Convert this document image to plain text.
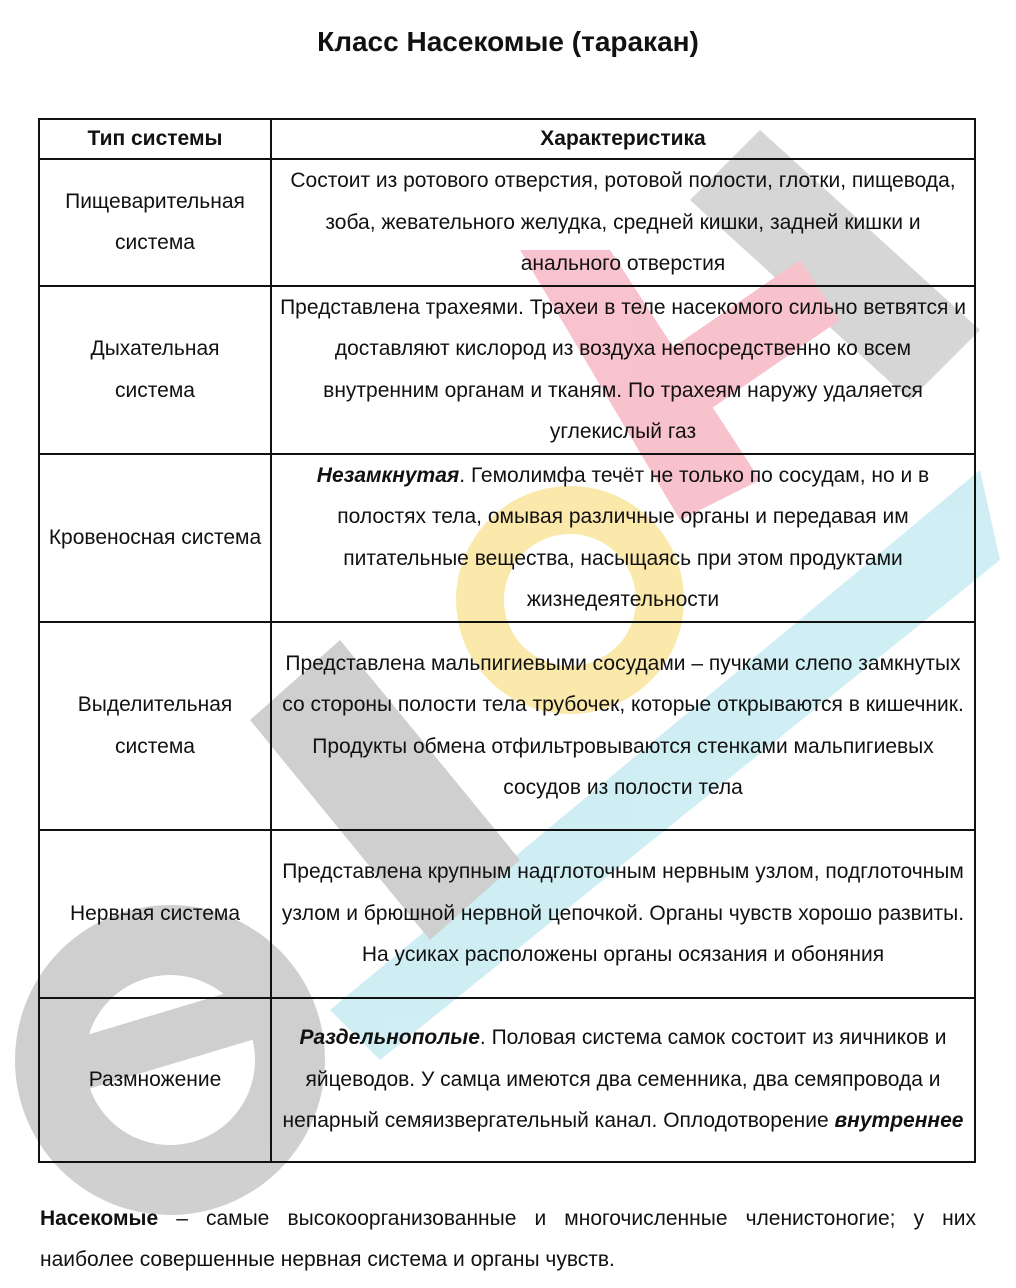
Класс Насекомые (таракан)
Тип системы	Характеристика
Пищеварительная система	Состоит из ротового отверстия, ротовой полости, глотки, пищевода, зоба, жевательного желудка, средней кишки, задней кишки и анального отверстия
Дыхательная система	Представлена трахеями. Трахеи в теле насекомого сильно ветвятся и доставляют кислород из воздуха непосредственно ко всем внутренним органам и тканям. По трахеям наружу удаляется углекислый газ
Кровеносная система	Незамкнутая. Гемолимфа течёт не только по сосудам, но и в полостях тела, омывая различные органы и передавая им питательные вещества, насыщаясь при этом продуктами жизнедеятельности
Выделительная система	Представлена мальпигиевыми сосудами – пучками слепо замкнутых со стороны полости тела трубочек, которые открываются в кишечник. Продукты обмена отфильтровываются стенками мальпигиевых сосудов из полости тела
Нервная система	Представлена крупным надглоточным нервным узлом, подглоточным узлом и брюшной нервной цепочкой. Органы чувств хорошо развиты. На усиках расположены органы осязания и обоняния
Размножение	Раздельнополые. Половая система самок состоит из яичников и яйцеводов. У самца имеются два семенника, два семяпровода и непарный семяизвергательный канал. Оплодотворение внутреннее
Насекомые – самые высокоорганизованные и многочисленные членистоногие; у них наиболее совершенные нервная система и органы чувств.
